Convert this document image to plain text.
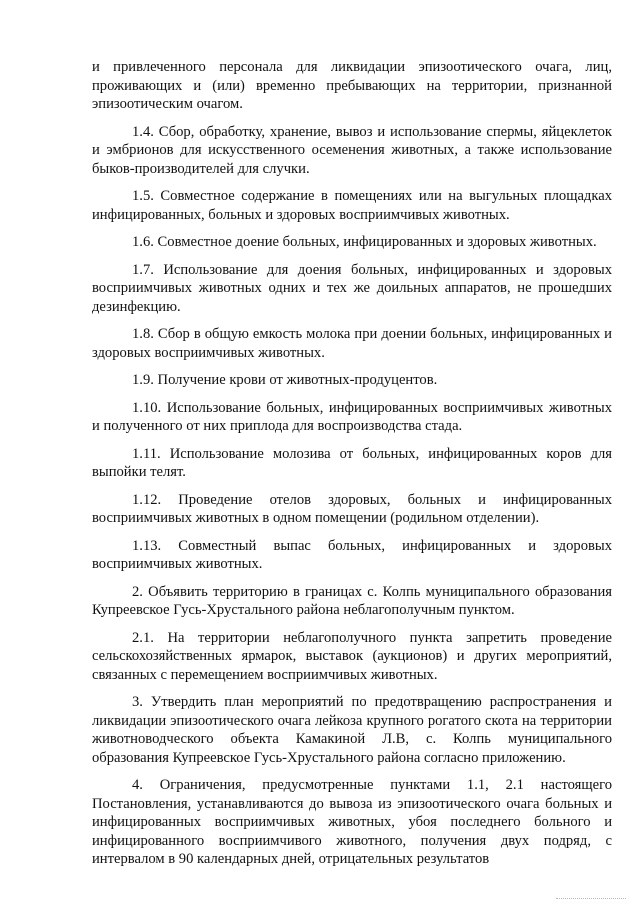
и привлеченного персонала для ликвидации эпизоотического очага, лиц, проживающих и (или) временно пребывающих на территории, признанной эпизоотическим очагом.

1.4. Сбор, обработку, хранение, вывоз и использование спермы, яйцеклеток и эмбрионов для искусственного осеменения животных, а также использование быков-производителей для случки.

1.5. Совместное содержание в помещениях или на выгульных площадках инфицированных, больных и здоровых восприимчивых животных.

1.6. Совместное доение больных, инфицированных и здоровых животных.

1.7. Использование для доения больных, инфицированных и здоровых восприимчивых животных одних и тех же доильных аппаратов, не прошедших дезинфекцию.

1.8. Сбор в общую емкость молока при доении больных, инфицированных и здоровых восприимчивых животных.

1.9. Получение крови от животных-продуцентов.

1.10. Использование больных, инфицированных восприимчивых животных и полученного от них приплода для воспроизводства стада.

1.11. Использование молозива от больных, инфицированных коров для выпойки телят.

1.12. Проведение отелов здоровых, больных и инфицированных восприимчивых животных в одном помещении (родильном отделении).

1.13. Совместный выпас больных, инфицированных и здоровых восприимчивых животных.

2. Объявить территорию в границах с. Колпь муниципального образования Купреевское Гусь-Хрустального района неблагополучным пунктом.

2.1. На территории неблагополучного пункта запретить проведение сельскохозяйственных ярмарок, выставок (аукционов) и других мероприятий, связанных с перемещением восприимчивых животных.

3. Утвердить план мероприятий по предотвращению распространения и ликвидации эпизоотического очага лейкоза крупного рогатого скота на территории животноводческого объекта Камакиной Л.В, с. Колпь муниципального образования Купреевское Гусь-Хрустального района согласно приложению.

4. Ограничения, предусмотренные пунктами 1.1, 2.1 настоящего Постановления, устанавливаются до вывоза из эпизоотического очага больных и инфицированных восприимчивых животных, убоя последнего больного и инфицированного восприимчивого животного, получения двух подряд, с интервалом в 90 календарных дней, отрицательных результатов
